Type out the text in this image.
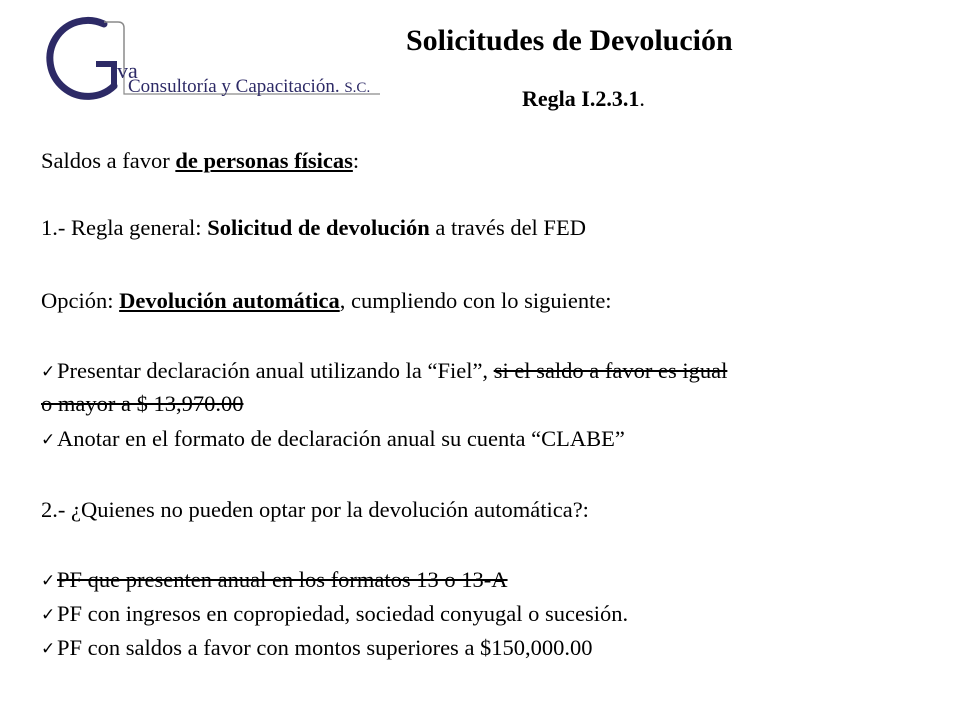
va
Consultoría y Capacitación. S.C.
Solicitudes de Devolución
Regla I.2.3.1.
Saldos a favor de personas físicas:
1.- Regla general: Solicitud de devolución a través del FED
Opción: Devolución automática, cumpliendo con lo siguiente:
✓Presentar declaración anual utilizando la “Fiel”, si el saldo a favor es igual
o mayor a $ 13,970.00
✓Anotar en el formato de declaración anual su cuenta “CLABE”
2.- ¿Quienes no pueden optar por la devolución automática?:
✓PF que presenten anual en los formatos 13 o 13-A
✓PF con ingresos en copropiedad, sociedad conyugal o sucesión.
✓PF con saldos a favor con montos superiores a $150,000.00
